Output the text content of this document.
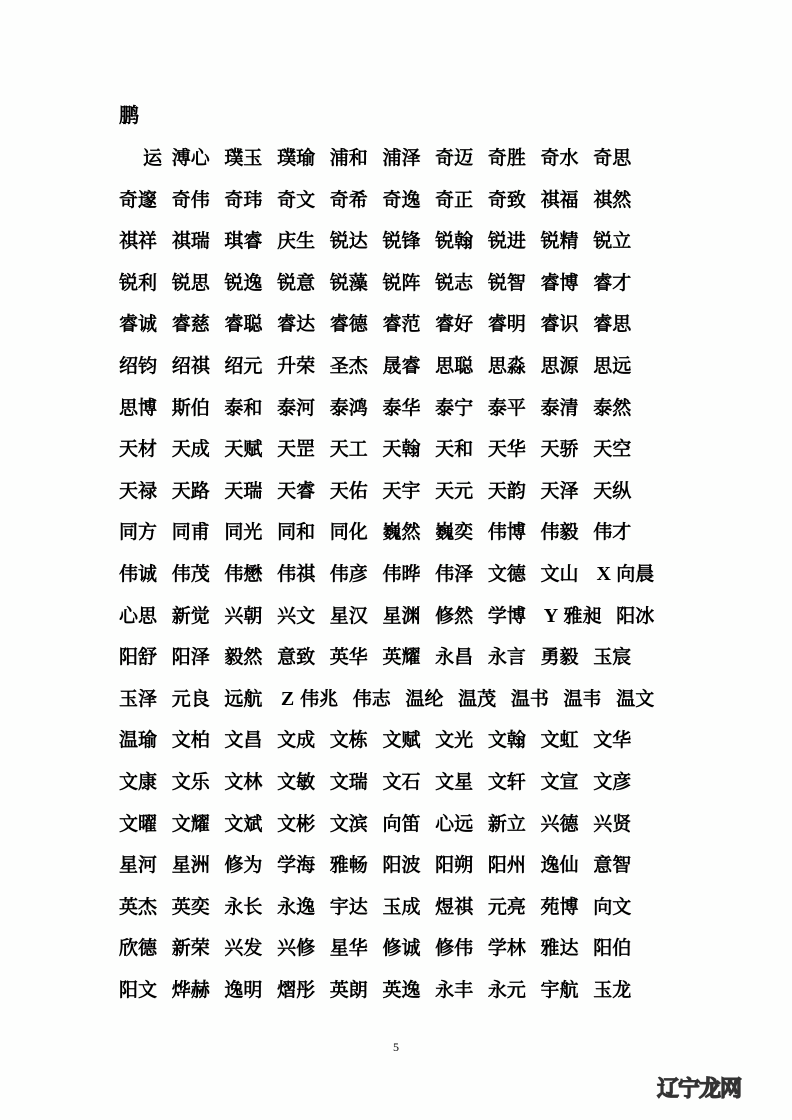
鹏
运 溥心 璞玉 璞瑜 浦和 浦泽 奇迈 奇胜 奇水 奇思
奇邃 奇伟 奇玮 奇文 奇希 奇逸 奇正 奇致 祺福 祺然
祺祥 祺瑞 琪睿 庆生 锐达 锐锋 锐翰 锐进 锐精 锐立
锐利 锐思 锐逸 锐意 锐藻 锐阵 锐志 锐智 睿博 睿才
睿诚 睿慈 睿聪 睿达 睿德 睿范 睿好 睿明 睿识 睿思
绍钧 绍祺 绍元 升荣 圣杰 晟睿 思聪 思淼 思源 思远
思博 斯伯 泰和 泰河 泰鸿 泰华 泰宁 泰平 泰清 泰然
天材 天成 天赋 天罡 天工 天翰 天和 天华 天骄 天空
天禄 天路 天瑞 天睿 天佑 天宇 天元 天韵 天泽 天纵
同方 同甫 同光 同和 同化 巍然 巍奕 伟博 伟毅 伟才
伟诚 伟茂 伟懋 伟祺 伟彦 伟晔 伟泽 文德 文山 X 向晨
心思 新觉 兴朝 兴文 星汉 星渊 修然 学博 Y 雅昶 阳冰
阳舒 阳泽 毅然 意致 英华 英耀 永昌 永言 勇毅 玉宸
玉泽 元良 远航 Z 伟兆 伟志 温纶 温茂 温书 温韦 温文
温瑜 文柏 文昌 文成 文栋 文赋 文光 文翰 文虹 文华
文康 文乐 文林 文敏 文瑞 文石 文星 文轩 文宣 文彦
文曜 文耀 文斌 文彬 文滨 向笛 心远 新立 兴德 兴贤
星河 星洲 修为 学海 雅畅 阳波 阳朔 阳州 逸仙 意智
英杰 英奕 永长 永逸 宇达 玉成 煜祺 元亮 苑博 向文
欣德 新荣 兴发 兴修 星华 修诚 修伟 学林 雅达 阳伯
阳文 烨赫 逸明 熠彤 英朗 英逸 永丰 永元 宇航 玉龙
5
辽宁龙网
